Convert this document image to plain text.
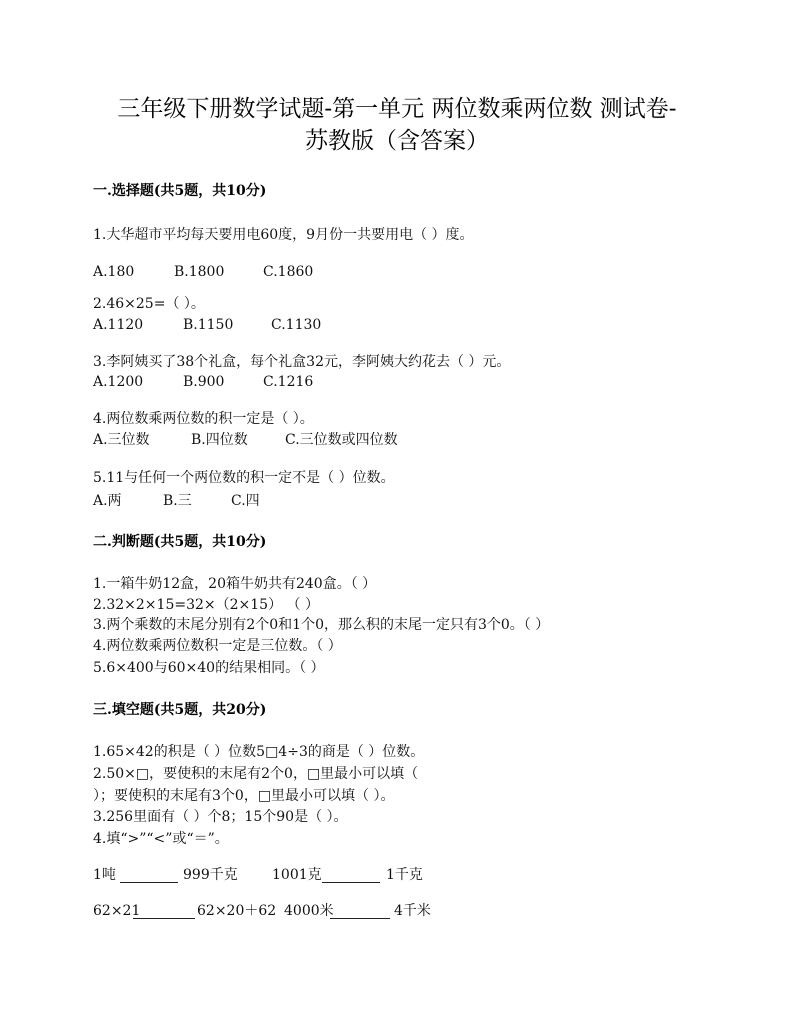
三年级下册数学试题-第一单元 两位数乘两位数 测试卷-
苏教版（含答案）
一.选择题(共5题，共10分)
1.大华超市平均每天要用电60度，9月份一共要用电（ ）度。
A.180	B.1800	C.1860
2.46×25=（ ）。
A.1120	B.1150	C.1130
3.李阿姨买了38个礼盒，每个礼盒32元，李阿姨大约花去（ ）元。
A.1200	B.900	C.1216
4.两位数乘两位数的积一定是（ ）。
A.三位数	B.四位数	C.三位数或四位数
5.11与任何一个两位数的积一定不是（ ）位数。
A.两	B.三	C.四
二.判断题(共5题，共10分)
1.一箱牛奶12盒，20箱牛奶共有240盒。（ ）
2.32×2×15=32×（2×15） （ ）
3.两个乘数的末尾分别有2个0和1个0，那么积的末尾一定只有3个0。（ ）
4.两位数乘两位数积一定是三位数。（ ）
5.6×400与60×40的结果相同。（ ）
三.填空题(共5题，共20分)
1.65×42的积是（ ）位数5□4÷3的商是（ ）位数。
2.50×□，要使积的末尾有2个0，□里最小可以填（
）；要使积的末尾有3个0，□里最小可以填（ ）。
3.256里面有（ ）个8；15个90是（ ）。
4.填“>”“<”或“＝”。
1吨	999千克 1001克	1千克
62×21	62×20＋62 4000米	4千米
